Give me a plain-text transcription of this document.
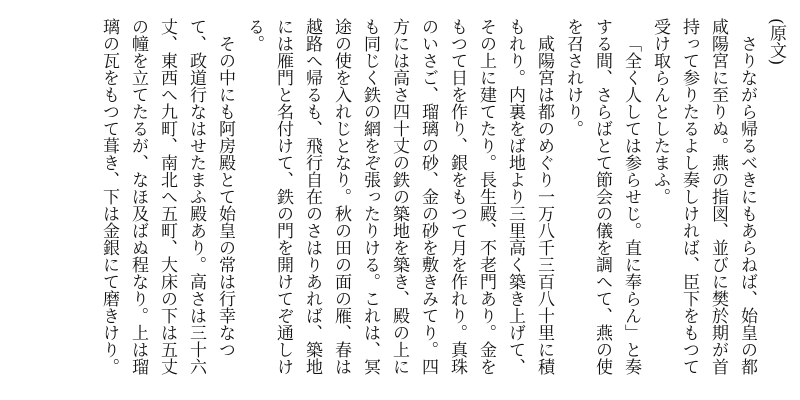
(原文)
さりながら帰るべきにもあらねば、始皇の都咸陽宮に至りぬ。燕の指図、並びに樊於期が首持って参りたるよし奏しければ、臣下をもつて受け取らんとしたまふ。
「全く人しては参らせじ。直に奉らん」と奏する間、さらばとて節会の儀を調へて、燕の使を召されけり。
咸陽宮は都のめぐり一万八千三百八十里に積もれり。内裏をば地より三里高く築き上げて、その上に建てたり。長生殿、不老門あり。金をもつて日を作り、銀をもつて月を作れり。真珠のいさご、瑠璃の砂、金の砂を敷きみてり。四方には高さ四十丈の鉄の築地を築き、殿の上にも同じく鉄の網をぞ張ったりける。これは、冥途の使を入れじとなり。秋の田の面の雁、春は越路へ帰るも、飛行自在のさはりあれば、築地には雁門と名付けて、鉄の門を開けてぞ通しける。
その中にも阿房殿とて始皇の常は行幸なつて、政道行なはせたまふ殿あり。高さは三十六丈、東西へ九町、南北へ五町、大床の下は五丈の幢を立てたるが、なほ及ばぬ程なり。上は瑠璃の瓦をもつて葺き、下は金銀にて磨きけり。
